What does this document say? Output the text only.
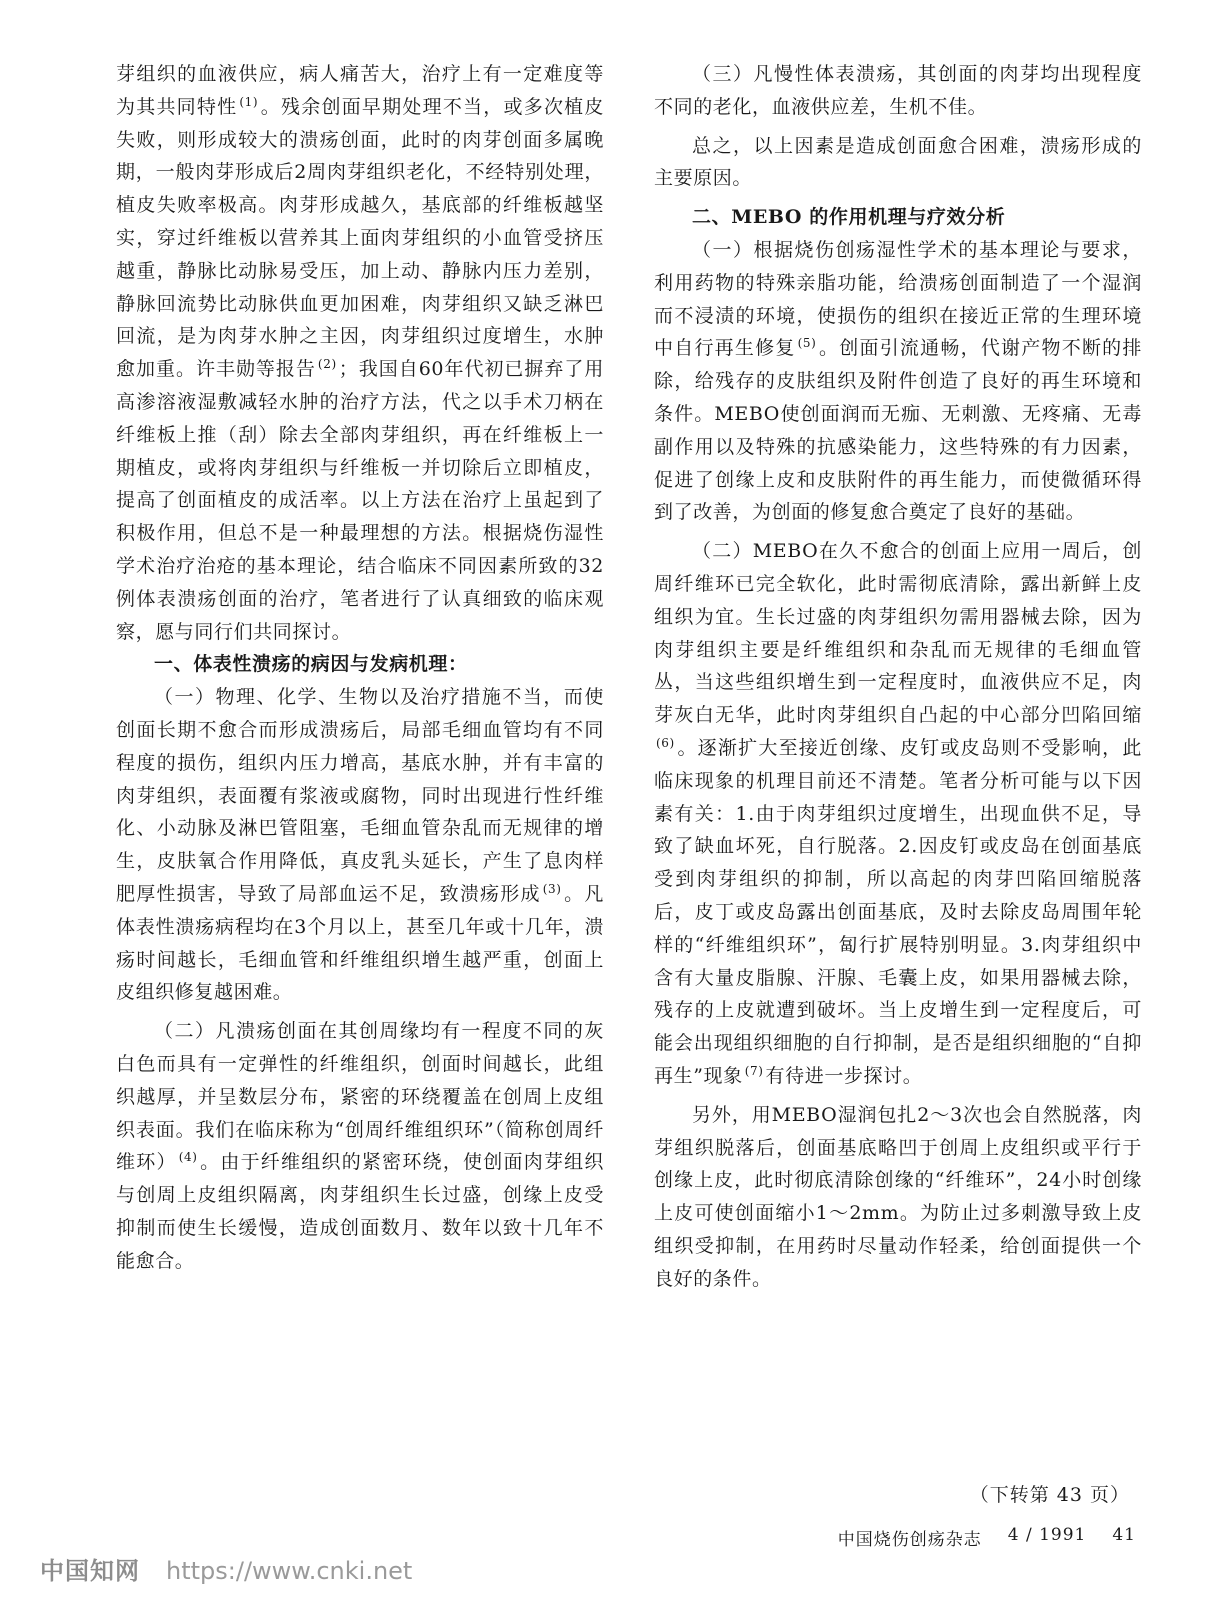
芽组织的血液供应，病人痛苦大，治疗上有一定难度等为其共同特性 $^{(1)}$ 。残余创面早期处理不当，或多次植皮失败，则形成较大的溃疡创面，此时的肉芽创面多属晚期，一般肉芽形成后2周肉芽组织老化，不经特别处理，植皮失败率极高。肉芽形成越久，基底部的纤维板越坚实，穿过纤维板以营养其上面肉芽组织的小血管受挤压越重，静脉比动脉易受压，加上动、静脉内压力差别，静脉回流势比动脉供血更加困难，肉芽组织又缺乏淋巴回流，是为肉芽水肿之主因，肉芽组织过度增生，水肿愈加重。许丰勋等报告 $^{(2)}$ ；我国自60年代初已摒弃了用高渗溶液湿敷减轻水肿的治疗方法，代之以手术刀柄在纤维板上推（刮）除去全部肉芽组织，再在纤维板上一期植皮，或将肉芽组织与纤维板一并切除后立即植皮，提高了创面植皮的成活率。以上方法在治疗上虽起到了积极作用，但总不是一种最理想的方法。根据烧伤湿性学术治疗治疮的基本理论，结合临床不同因素所致的32例体表溃疡创面的治疗，笔者进行了认真细致的临床观察，愿与同行们共同探讨。

一、体表性溃疡的病因与发病机理：

（一）物理、化学、生物以及治疗措施不当，而使创面长期不愈合而形成溃疡后，局部毛细血管均有不同程度的损伤，组织内压力增高，基底水肿，并有丰富的肉芽组织，表面覆有浆液或腐物，同时出现进行性纤维化、小动脉及淋巴管阻塞，毛细血管杂乱而无规律的增生，皮肤氧合作用降低，真皮乳头延长，产生了息肉样肥厚性损害，导致了局部血运不足，致溃疡形成 $^{(3)}$ 。凡体表性溃疡病程均在3个月以上，甚至几年或十几年，溃疡时间越长，毛细血管和纤维组织增生越严重，创面上皮组织修复越困难。

（二）凡溃疡创面在其创周缘均有一程度不同的灰白色而具有一定弹性的纤维组织，创面时间越长，此组织越厚，并呈数层分布，紧密的环绕覆盖在创周上皮组织表面。我们在临床称为“创周纤维组织环”（简称创周纤维环） $^{(4)}$ 。由于纤维组织的紧密环绕，使创面肉芽组织与创周上皮组织隔离，肉芽组织生长过盛，创缘上皮受抑制而使生长缓慢，造成创面数月、数年以致十几年不能愈合。

（三）凡慢性体表溃疡，其创面的肉芽均出现程度不同的老化，血液供应差，生机不佳。

总之，以上因素是造成创面愈合困难，溃疡形成的主要原因。

二、MEBO 的作用机理与疗效分析

（一）根据烧伤创疡湿性学术的基本理论与要求，利用药物的特殊亲脂功能，给溃疡创面制造了一个湿润而不浸渍的环境，使损伤的组织在接近正常的生理环境中自行再生修复 $^{(5)}$ 。创面引流通畅，代谢产物不断的排除，给残存的皮肤组织及附件创造了良好的再生环境和条件。MEBO使创面润而无痂、无刺激、无疼痛、无毒副作用以及特殊的抗感染能力，这些特殊的有力因素，促进了创缘上皮和皮肤附件的再生能力，而使微循环得到了改善，为创面的修复愈合奠定了良好的基础。

（二）MEBO在久不愈合的创面上应用一周后，创周纤维环已完全软化，此时需彻底清除，露出新鲜上皮组织为宜。生长过盛的肉芽组织勿需用器械去除，因为肉芽组织主要是纤维组织和杂乱而无规律的毛细血管丛，当这些组织增生到一定程度时，血液供应不足，肉芽灰白无华，此时肉芽组织自凸起的中心部分凹陷回缩$^{(6)}$ 。逐渐扩大至接近创缘、皮钉或皮岛则不受影响，此临床现象的机理目前还不清楚。笔者分析可能与以下因素有关：1.由于肉芽组织过度增生，出现血供不足，导致了缺血坏死，自行脱落。2.因皮钉或皮岛在创面基底受到肉芽组织的抑制，所以高起的肉芽凹陷回缩脱落后，皮丁或皮岛露出创面基底，及时去除皮岛周围年轮样的“纤维组织环”，匐行扩展特别明显。3.肉芽组织中含有大量皮脂腺、汗腺、毛囊上皮，如果用器械去除，残存的上皮就遭到破坏。当上皮增生到一定程度后，可能会出现组织细胞的自行抑制，是否是组织细胞的“自抑再生”现象 $^{(7)}$ 有待进一步探讨。

另外，用MEBO湿润包扎2～3次也会自然脱落，肉芽组织脱落后，创面基底略凹于创周上皮组织或平行于创缘上皮，此时彻底清除创缘的“纤维环”，24小时创缘上皮可使创面缩小1～2mm。为防止过多刺激导致上皮组织受抑制，在用药时尽量动作轻柔，给创面提供一个良好的条件。

（下转第 43 页）
中国烧伤创疡杂志 4 ∕ 1991 41
中国知网 https://www.cnki.net
